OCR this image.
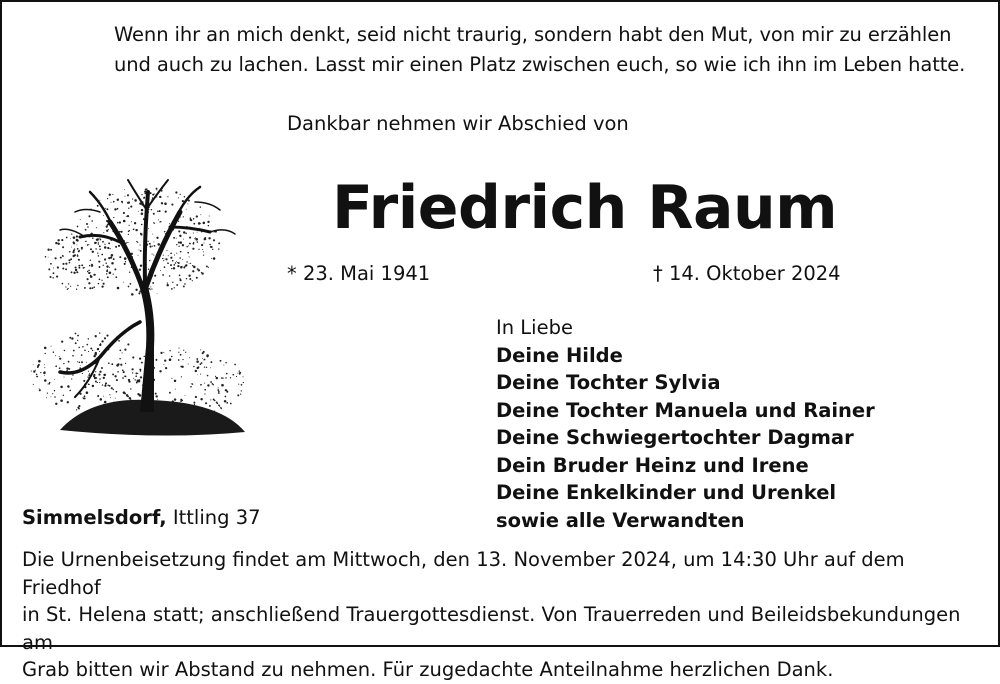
Wenn ihr an mich denkt, seid nicht traurig, sondern habt den Mut, von mir zu erzählen

und auch zu lachen. Lasst mir einen Platz zwischen euch, so wie ich ihn im Leben hatte.

Dankbar nehmen wir Abschied von
Friedrich Raum
* 23. Mai 1941	† 14. Oktober 2024
In Liebe
Deine Hilde
Deine Tochter Sylvia
Deine Tochter Manuela und Rainer
Deine Schwiegertochter Dagmar
Dein Bruder Heinz und Irene
Deine Enkelkinder und Urenkel
sowie alle Verwandten
Simmelsdorf, Ittling 37

Die Urnenbeisetzung findet am Mittwoch, den 13. November 2024, um 14:30 Uhr auf dem Friedhof

in St. Helena statt; anschließend Trauergottesdienst. Von Trauerreden und Beileidsbekundungen am

Grab bitten wir Abstand zu nehmen. Für zugedachte Anteilnahme herzlichen Dank.
